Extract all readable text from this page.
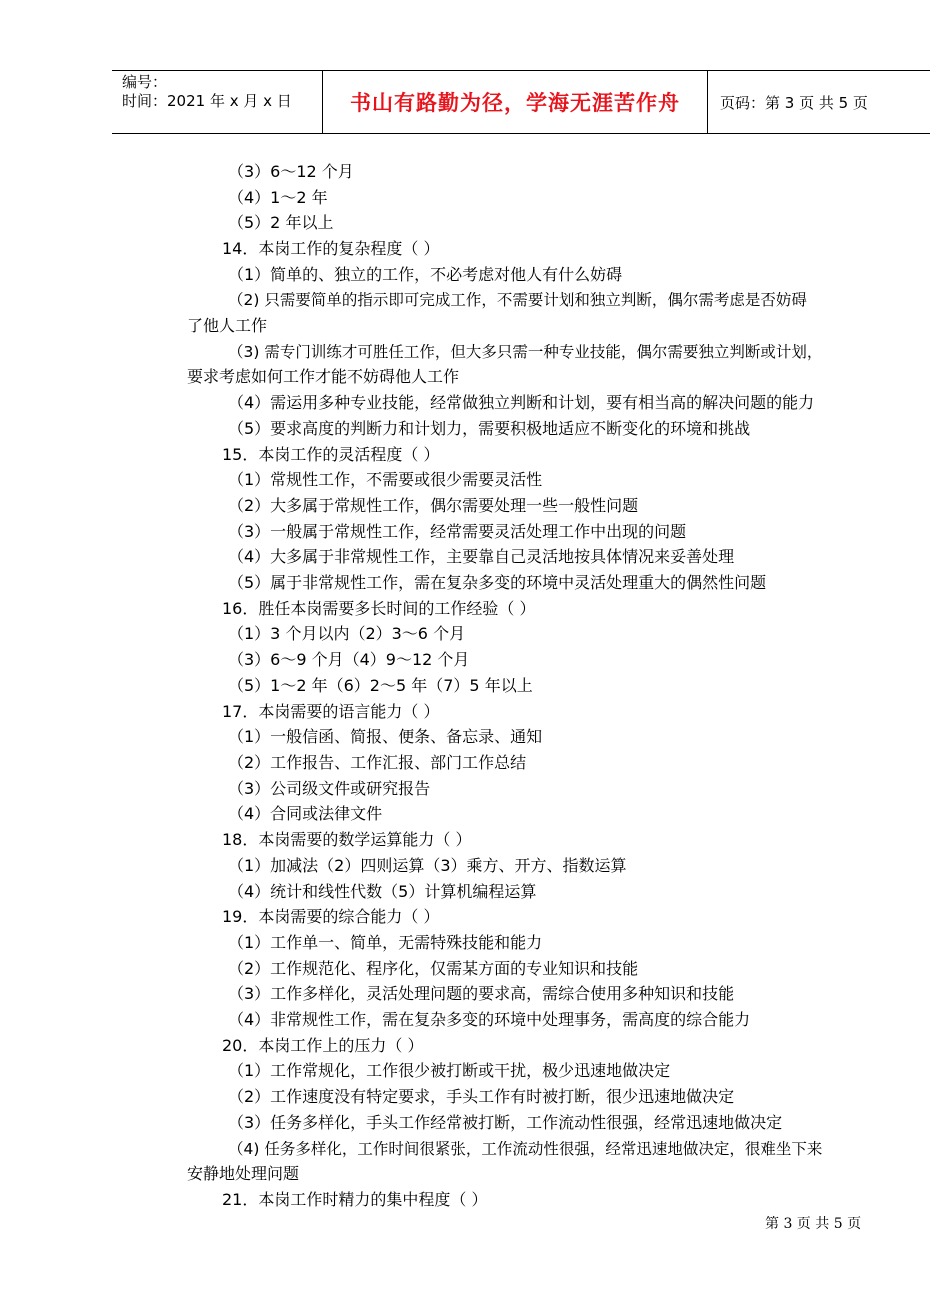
编号：
时间：2021 年 x 月 x 日	书山有路勤为径，学海无涯苦作舟	页码：第 3 页 共 5 页
（3）6～12 个月
（4）1～2 年
（5）2 年以上
14．本岗工作的复杂程度（ ）
（1）简单的、独立的工作，不必考虑对他人有什么妨碍
（2) 只需要简单的指示即可完成工作，不需要计划和独立判断，偶尔需考虑是否妨碍
了他人工作
（3) 需专门训练才可胜任工作，但大多只需一种专业技能，偶尔需要独立判断或计划，
要求考虑如何工作才能不妨碍他人工作
（4）需运用多种专业技能，经常做独立判断和计划，要有相当高的解决问题的能力
（5）要求高度的判断力和计划力，需要积极地适应不断变化的环境和挑战
15．本岗工作的灵活程度（ ）
（1）常规性工作，不需要或很少需要灵活性
（2）大多属于常规性工作，偶尔需要处理一些一般性问题
（3）一般属于常规性工作，经常需要灵活处理工作中出现的问题
（4）大多属于非常规性工作，主要靠自己灵活地按具体情况来妥善处理
（5）属于非常规性工作，需在复杂多变的环境中灵活处理重大的偶然性问题
16．胜任本岗需要多长时间的工作经验（ ）
（1）3 个月以内（2）3～6 个月
（3）6～9 个月（4）9～12 个月
（5）1～2 年（6）2～5 年（7）5 年以上
17．本岗需要的语言能力（ ）
（1）一般信函、简报、便条、备忘录、通知
（2）工作报告、工作汇报、部门工作总结
（3）公司级文件或研究报告
（4）合同或法律文件
18．本岗需要的数学运算能力（ ）
（1）加减法（2）四则运算（3）乘方、开方、指数运算
（4）统计和线性代数（5）计算机编程运算
19．本岗需要的综合能力（ ）
（1）工作单一、简单，无需特殊技能和能力
（2）工作规范化、程序化，仅需某方面的专业知识和技能
（3）工作多样化，灵活处理问题的要求高，需综合使用多种知识和技能
（4）非常规性工作，需在复杂多变的环境中处理事务，需高度的综合能力
20．本岗工作上的压力（ ）
（1）工作常规化，工作很少被打断或干扰，极少迅速地做决定
（2）工作速度没有特定要求，手头工作有时被打断，很少迅速地做决定
（3）任务多样化，手头工作经常被打断，工作流动性很强，经常迅速地做决定
（4) 任务多样化，工作时间很紧张，工作流动性很强，经常迅速地做决定，很难坐下来
安静地处理问题
21．本岗工作时精力的集中程度（ ）
第 3 页 共 5 页
